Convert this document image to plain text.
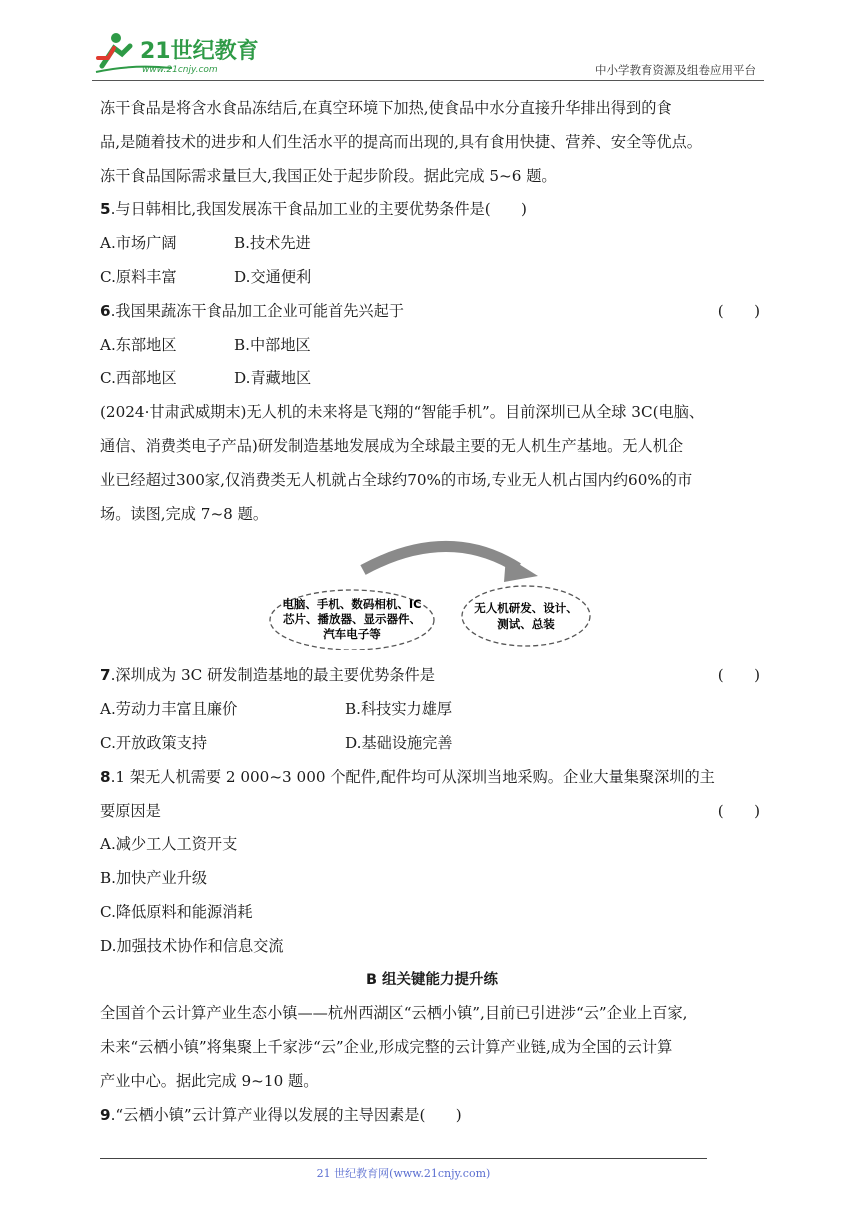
21世纪教育
www.21cnjy.com	中小学教育资源及组卷应用平台
冻干食品是将含水食品冻结后,在真空环境下加热,使食品中水分直接升华排出得到的食
品,是随着技术的进步和人们生活水平的提高而出现的,具有食用快捷、营养、安全等优点。
冻干食品国际需求量巨大,我国正处于起步阶段。据此完成 5~6 题。
5.与日韩相比,我国发展冻干食品加工业的主要优势条件是(　　)
A.市场广阔	B.技术先进
C.原料丰富	D.交通便利
6.我国果蔬冻干食品加工企业可能首先兴起于	(　　)
A.东部地区	B.中部地区
C.西部地区	D.青藏地区
(2024·甘肃武威期末)无人机的未来将是飞翔的“智能手机”。目前深圳已从全球 3C(电脑、
通信、消费类电子产品)研发制造基地发展成为全球最主要的无人机生产基地。无人机企
业已经超过300家,仅消费类无人机就占全球约70%的市场,专业无人机占国内约60%的市
场。读图,完成 7~8 题。
7.深圳成为 3C 研发制造基地的最主要优势条件是	(　　)
A.劳动力丰富且廉价	B.科技实力雄厚
C.开放政策支持	D.基础设施完善
8.1 架无人机需要 2 000~3 000 个配件,配件均可从深圳当地采购。企业大量集聚深圳的主
要原因是	(　　)
A.减少工人工资开支
B.加快产业升级
C.降低原料和能源消耗
D.加强技术协作和信息交流
B 组关键能力提升练
全国首个云计算产业生态小镇——杭州西湖区“云栖小镇”,目前已引进涉“云”企业上百家,
未来“云栖小镇”将集聚上千家涉“云”企业,形成完整的云计算产业链,成为全国的云计算
产业中心。据此完成 9~10 题。
9.“云栖小镇”云计算产业得以发展的主导因素是(　　)
电脑、手机、数码相机、IC
芯片、播放器、显示器件、
汽车电子等
无人机研发、设计、
测试、总装
21 世纪教育网(www.21cnjy.com)
